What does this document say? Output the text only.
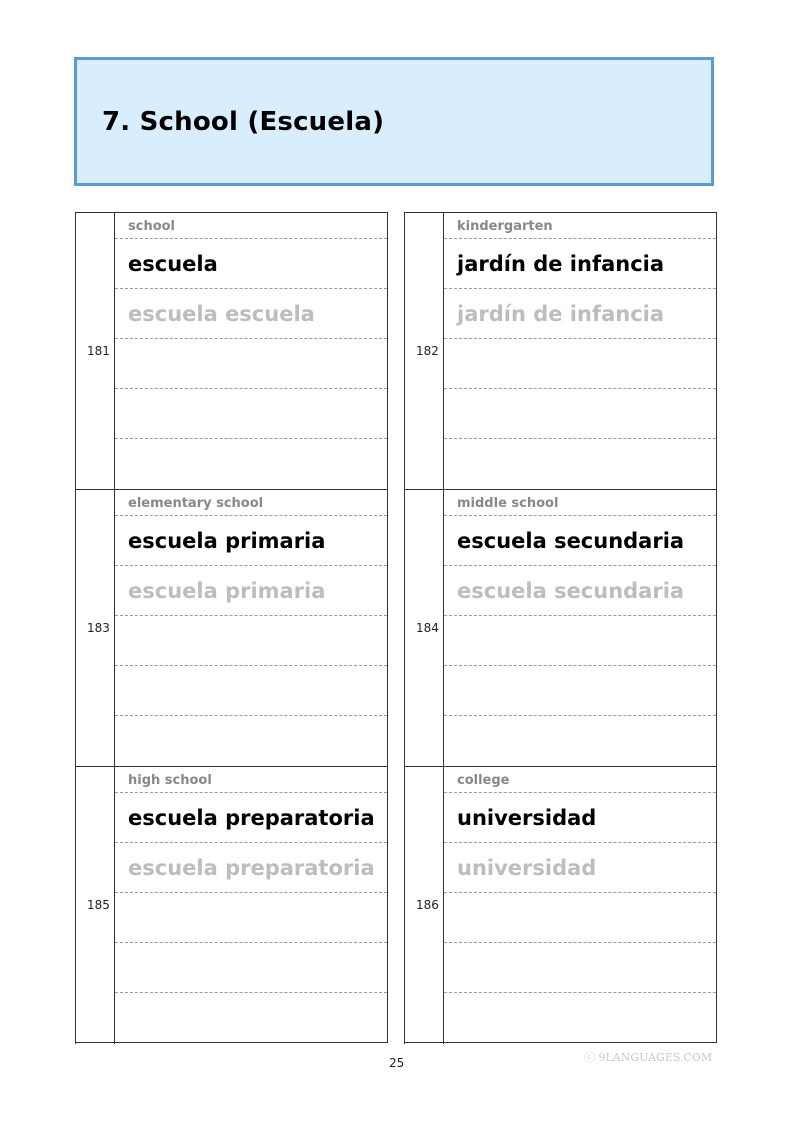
7. School (Escuela)
181
school
escuela
escuela escuela
182
kindergarten
jardín de infancia
jardín de infancia
183
elementary school
escuela primaria
escuela primaria
184
middle school
escuela secundaria
escuela secundaria
185
high school
escuela preparatoria
escuela preparatoria
186
college
universidad
universidad
25	ⓒ 9LANGUAGES.COM
